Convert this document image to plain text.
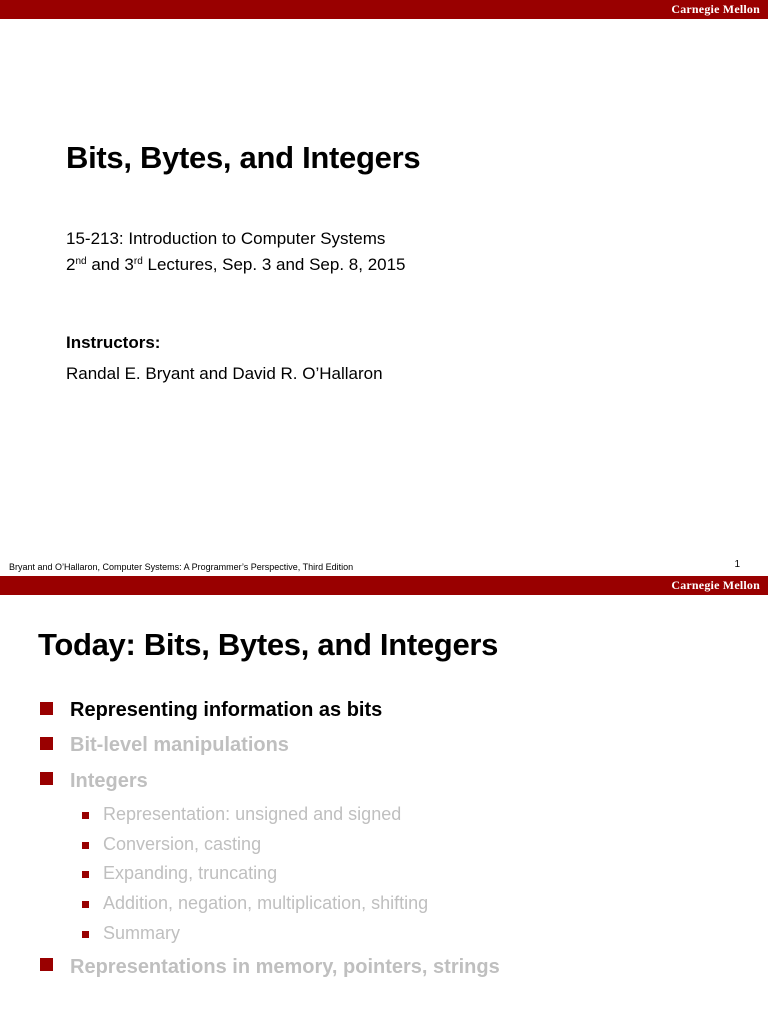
Carnegie Mellon
Bits, Bytes, and Integers
15-213: Introduction to Computer Systems
2nd and 3rd Lectures, Sep. 3 and Sep. 8, 2015
Instructors:
Randal E. Bryant and David R. O’Hallaron
Bryant and O’Hallaron, Computer Systems: A Programmer’s Perspective, Third Edition	1
Carnegie Mellon
Today: Bits, Bytes, and Integers
Representing information as bits
Bit-level manipulations
Integers
Representation: unsigned and signed
Conversion, casting
Expanding, truncating
Addition, negation, multiplication, shifting
Summary
Representations in memory, pointers, strings
